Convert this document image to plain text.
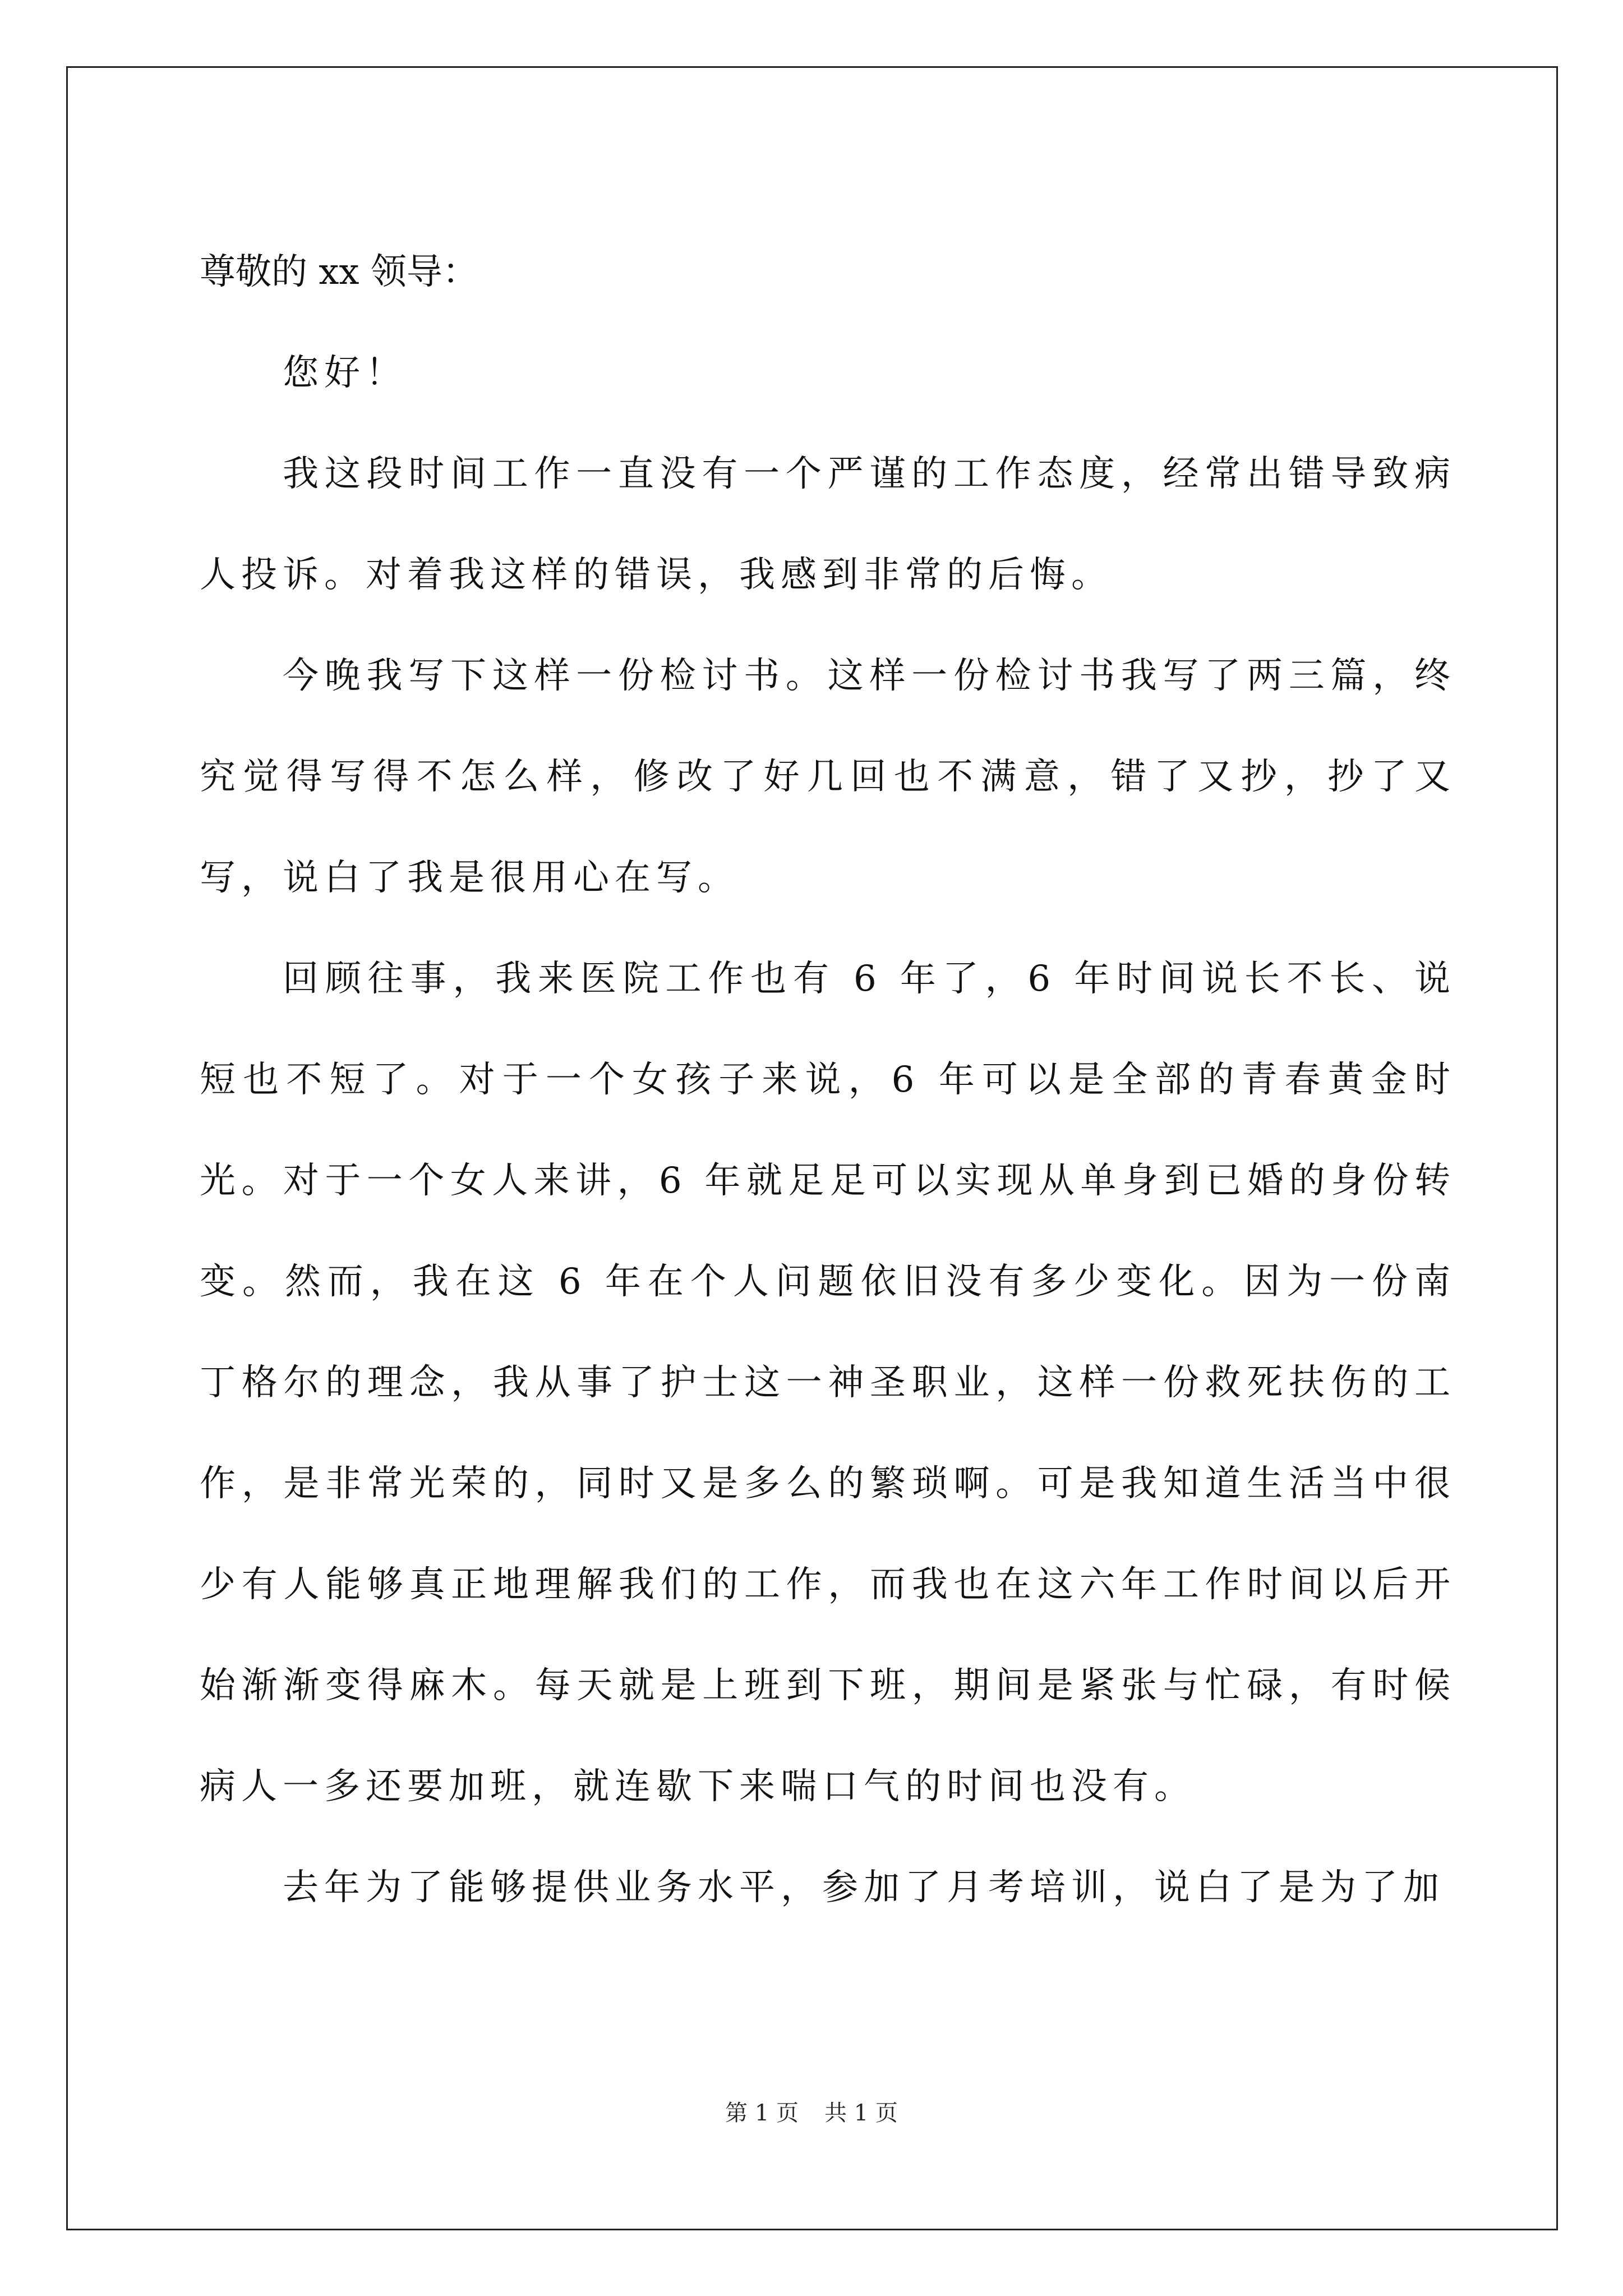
尊敬的 xx 领导：

您好！

我这段时间工作一直没有一个严谨的工作态度，经常出错导致病人投诉。对着我这样的错误，我感到非常的后悔。

今晚我写下这样一份检讨书。这样一份检讨书我写了两三篇，终究觉得写得不怎么样，修改了好几回也不满意，错了又抄，抄了又写，说白了我是很用心在写。

回顾往事，我来医院工作也有 6 年了，6 年时间说长不长、说短也不短了。对于一个女孩子来说，6 年可以是全部的青春黄金时光。对于一个女人来讲，6 年就足足可以实现从单身到已婚的身份转变。然而，我在这 6 年在个人问题依旧没有多少变化。因为一份南丁格尔的理念，我从事了护士这一神圣职业，这样一份救死扶伤的工作，是非常光荣的，同时又是多么的繁琐啊。可是我知道生活当中很少有人能够真正地理解我们的工作，而我也在这六年工作时间以后开始渐渐变得麻木。每天就是上班到下班，期间是紧张与忙碌，有时候病人一多还要加班，就连歇下来喘口气的时间也没有。

去年为了能够提供业务水平，参加了月考培训，说白了是为了加

第 1 页 共 1 页
